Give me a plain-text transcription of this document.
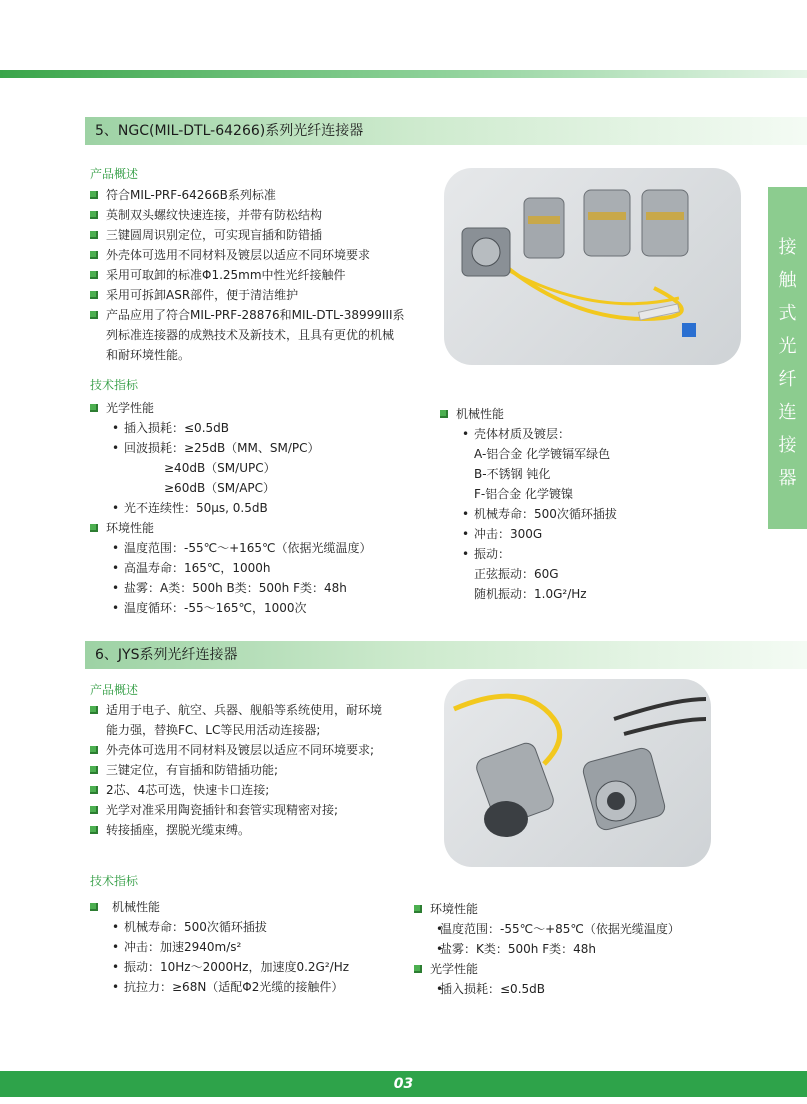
5、NGC(MIL-DTL-64266)系列光纤连接器
产品概述
符合MIL-PRF-64266B系列标准
英制双头螺纹快速连接，并带有防松结构
三键圆周识别定位，可实现盲插和防错插
外壳体可选用不同材料及镀层以适应不同环境要求
采用可取卸的标准Φ1.25mm中性光纤接触件
采用可拆卸ASR部件，便于清洁维护
产品应用了符合MIL-PRF-28876和MIL-DTL-38999III系
列标准连接器的成熟技术及新技术，且具有更优的机械
和耐环境性能。
技术指标
光学性能
• 插入损耗：≤0.5dB
• 回波损耗：≥25dB（MM、SM/PC）
≥40dB（SM/UPC）
≥60dB（SM/APC）
• 光不连续性：50μs, 0.5dB
环境性能
• 温度范围：-55℃～+165℃（依据光缆温度）
• 高温寿命：165℃，1000h
• 盐雾：A类：500h B类：500h F类：48h
• 温度循环：-55～165℃，1000次
机械性能
• 壳体材质及镀层：
A-铝合金 化学镀镉军绿色
B-不锈钢 钝化
F-铝合金 化学镀镍
• 机械寿命：500次循环插拔
• 冲击：300G
• 振动：
正弦振动：60G
随机振动：1.0G²/Hz
6、JYS系列光纤连接器
产品概述
适用于电子、航空、兵器、舰船等系统使用，耐环境
能力强，替换FC、LC等民用活动连接器;
外壳体可选用不同材料及镀层以适应不同环境要求;
三键定位，有盲插和防错插功能;
2芯、4芯可选，快速卡口连接;
光学对准采用陶瓷插针和套管实现精密对接;
转接插座，摆脱光缆束缚。
技术指标
机械性能
• 机械寿命：500次循环插拔
• 冲击：加速2940m/s²
• 振动：10Hz～2000Hz，加速度0.2G²/Hz
• 抗拉力：≥68N（适配Φ2光缆的接触件）
环境性能
• 温度范围：-55℃～+85℃（依据光缆温度）
• 盐雾：K类：500h F类：48h
光学性能
• 插入损耗：≤0.5dB
接
触
式
光
纤
连
接
器
03
